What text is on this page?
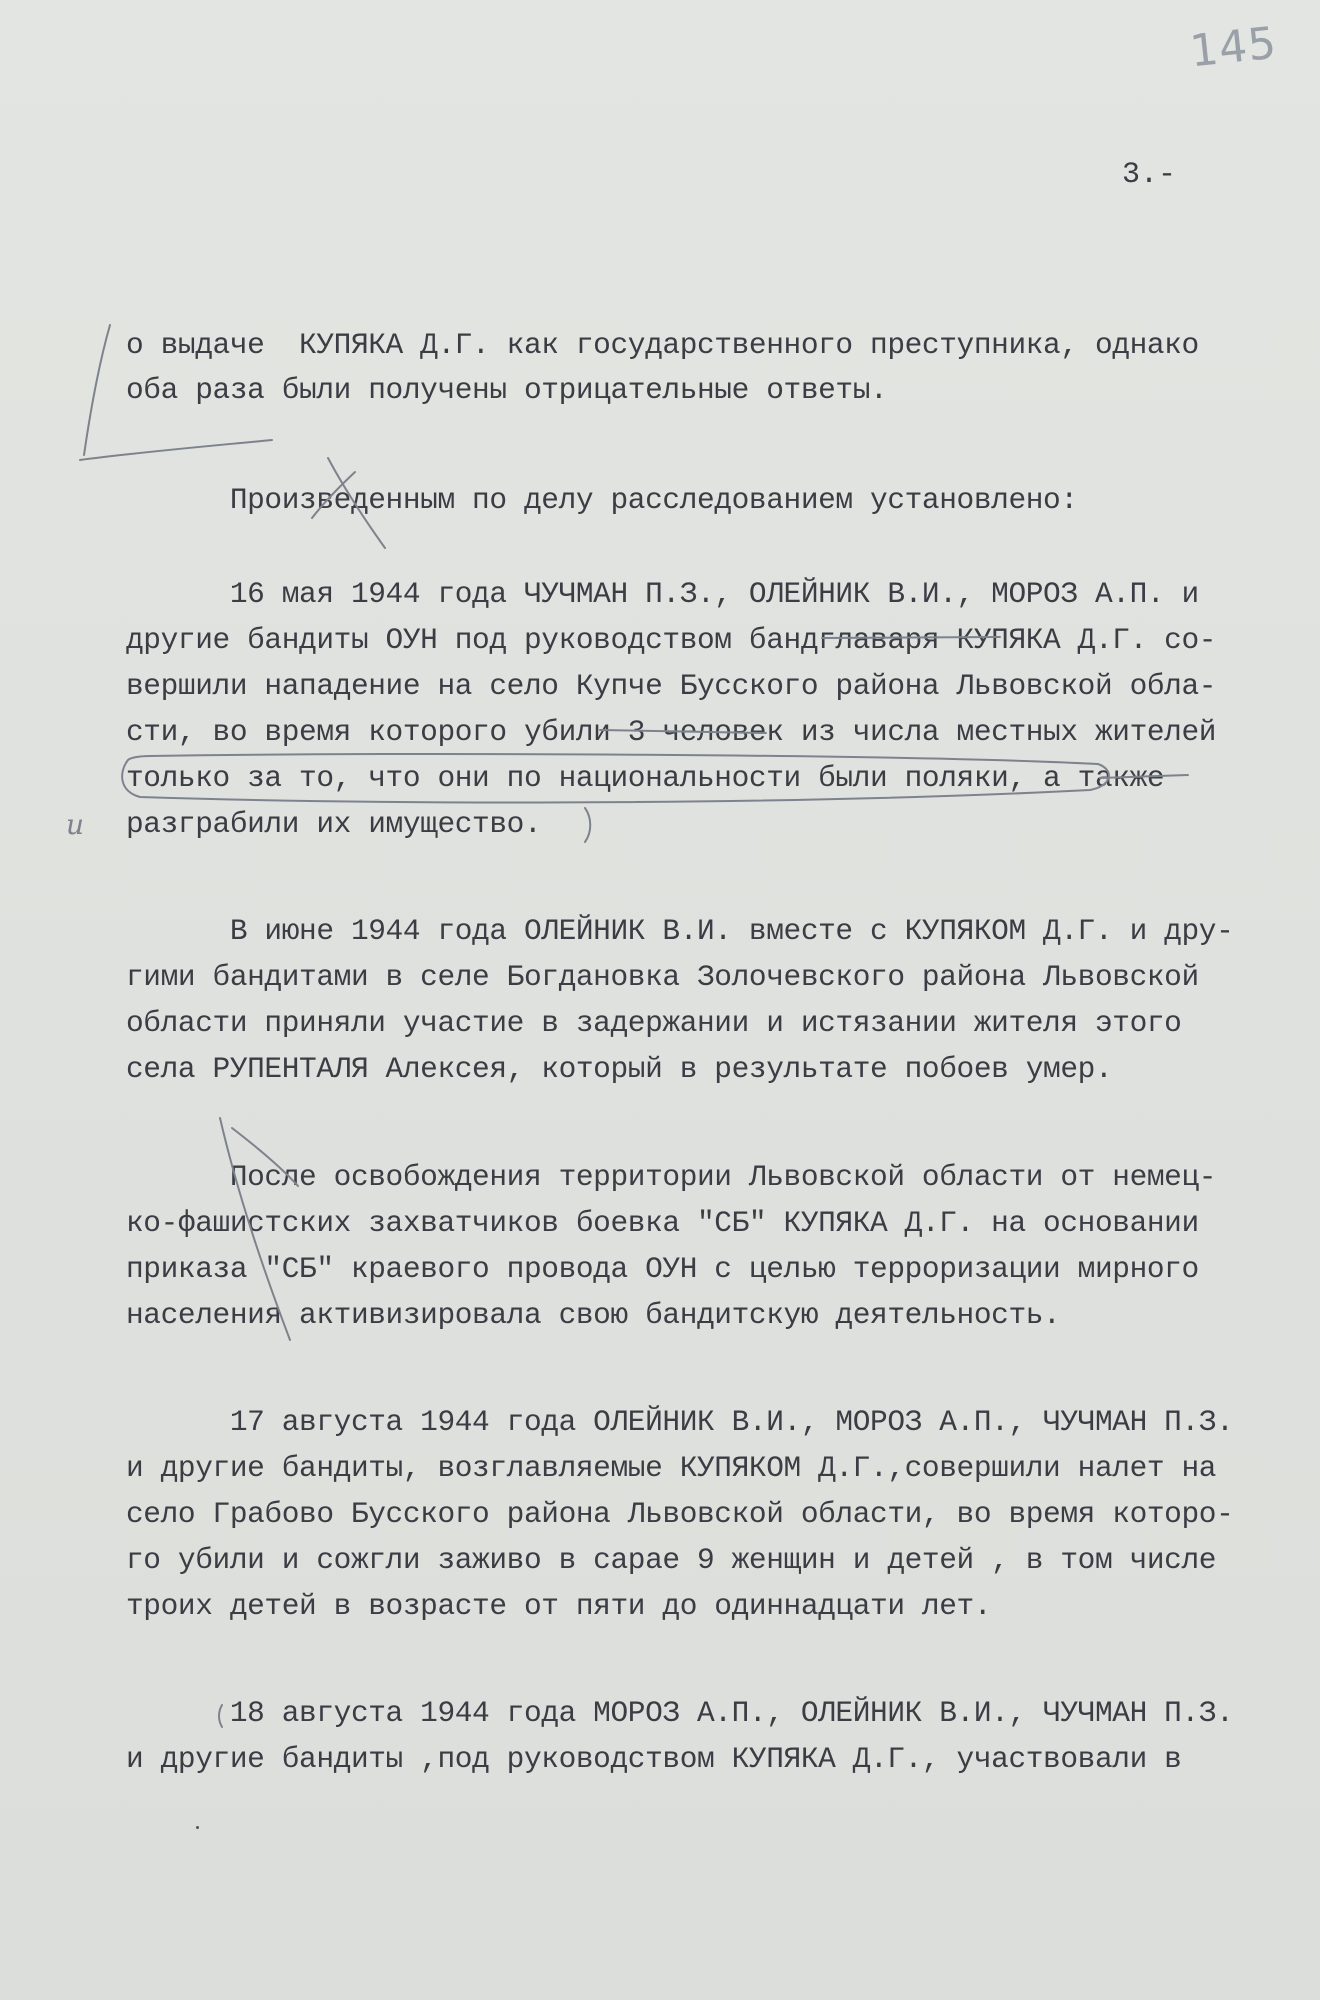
145
3.-
о выдаче  КУПЯКА Д.Г. как государственного преступника, однако
оба раза были получены отрицательные ответы.
Произведенным по делу расследованием установлено:
16 мая 1944 года ЧУЧМАН П.З., ОЛЕЙНИК В.И., МОРОЗ А.П. и
другие бандиты ОУН под руководством бандглаваря КУПЯКА Д.Г. со-
вершили нападение на село Купче Бусского района Львовской обла-
сти, во время которого убили 3 человек из числа местных жителей
только за то, что они по национальности были поляки, а также
разграбили их имущество.
В июне 1944 года ОЛЕЙНИК В.И. вместе с КУПЯКОМ Д.Г. и дру-
гими бандитами в селе Богдановка Золочевского района Львовской
области приняли участие в задержании и истязании жителя этого
села РУПЕНТАЛЯ Алексея, который в результате побоев умер.
После освобождения территории Львовской области от немец-
ко-фашистских захватчиков боевка "СБ" КУПЯКА Д.Г. на основании
приказа "СБ" краевого провода ОУН с целью терроризации мирного
населения активизировала свою бандитскую деятельность.
17 августа 1944 года ОЛЕЙНИК В.И., МОРОЗ А.П., ЧУЧМАН П.З.
и другие бандиты, возглавляемые КУПЯКОМ Д.Г.,совершили налет на
село Грабово Бусского района Львовской области, во время которо-
го убили и сожгли заживо в сарае 9 женщин и детей , в том числе
троих детей в возрасте от пяти до одиннадцати лет.
18 августа 1944 года МОРОЗ А.П., ОЛЕЙНИК В.И., ЧУЧМАН П.З.
и другие бандиты ,под руководством КУПЯКА Д.Г., участвовали в
и
